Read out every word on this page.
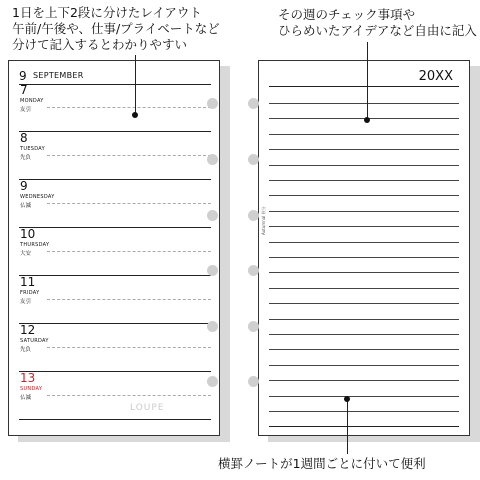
1日を上下2段に分けたレイアウト
午前/午後や、仕事/プライベートなど
分けて記入するとわかりやすい
その週のチェック事項や
ひらめいたアイデアなど自由に記入
横罫ノートが1週間ごとに付いて便利
9 SEPTEMBER
7
MONDAY
友引
8
TUESDAY
先負
9
WEDNESDAY
仏滅
10
THURSDAY
大安
11
FRIDAY
友引
12
SATURDAY
先負
13
SUNDAY
仏滅
20XX
Autumnal 秋分
LOUPE
